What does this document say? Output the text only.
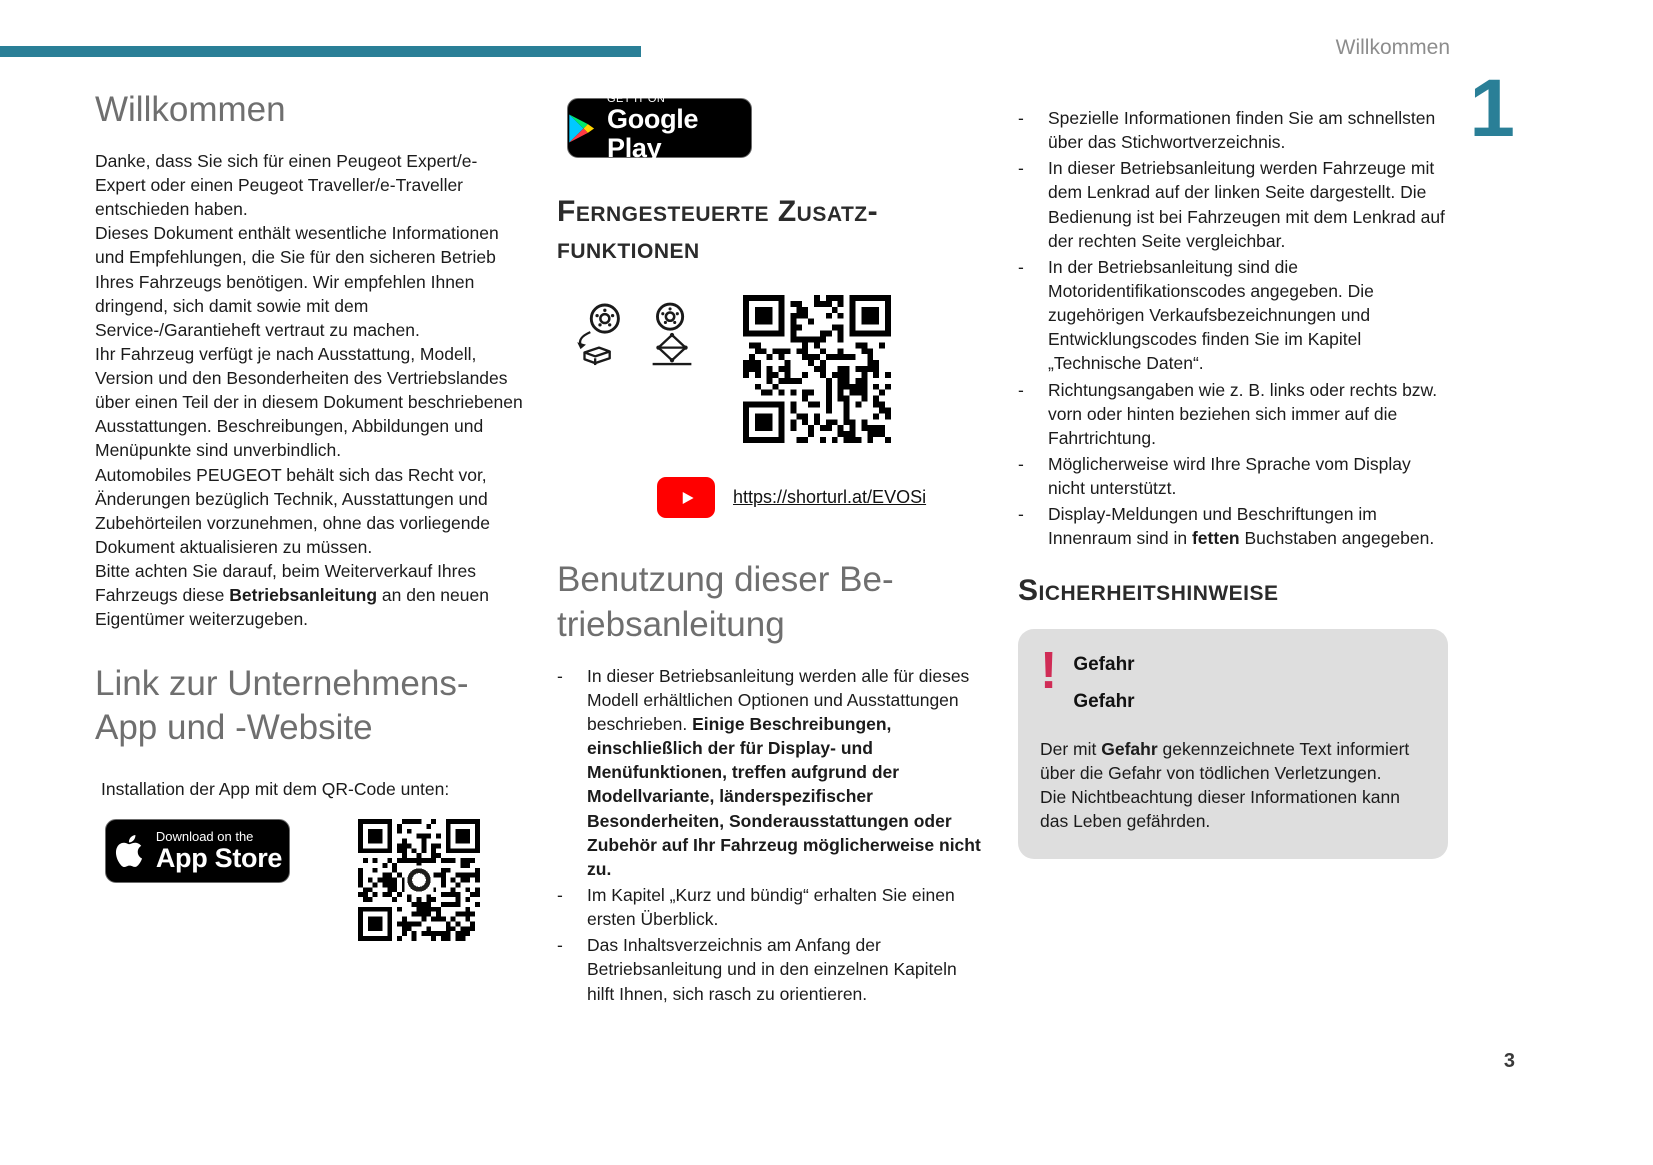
Willkommen
1
Willkommen
Danke, dass Sie sich für einen Peugeot Expert/e-Expert oder einen Peugeot Traveller/e-Traveller entschieden haben.
Dieses Dokument enthält wesentliche Informationen und Empfehlungen, die Sie für den sicheren Betrieb Ihres Fahrzeugs benötigen. Wir empfehlen Ihnen dringend, sich damit sowie mit dem Service-/Garantieheft vertraut zu machen.
Ihr Fahrzeug verfügt je nach Ausstattung, Modell, Version und den Besonderheiten des Vertriebslandes über einen Teil der in diesem Dokument beschriebenen Ausstattungen. Beschreibungen, Abbildungen und Menüpunkte sind unverbindlich.
Automobiles PEUGEOT behält sich das Recht vor, Änderungen bezüglich Technik, Ausstattungen und Zubehörteilen vorzunehmen, ohne das vorliegende Dokument aktualisieren zu müssen.
Bitte achten Sie darauf, beim Weiterverkauf Ihres Fahrzeugs diese Betriebsanleitung an den neuen Eigentümer weiterzugeben.
Link zur Unternehmens-
App und -Website
Installation der App mit dem QR-Code unten:
Download on the
App Store
GET IT ON
Google Play
Ferngesteuerte Zusatz-
funktionen
https://shorturl.at/EVOSi
Benutzung dieser Be-
triebsanleitung
-	In dieser Betriebsanleitung werden alle für dieses Modell erhältlichen Optionen und Ausstattungen beschrieben. Einige Beschreibungen, einschließlich der für Display- und Menüfunktionen, treffen aufgrund der Modellvariante, länderspezifischer Besonderheiten, Sonderausstattungen oder Zubehör auf Ihr Fahrzeug möglicherweise nicht zu.
-	Im Kapitel „Kurz und bündig“ erhalten Sie einen ersten Überblick.
-	Das Inhaltsverzeichnis am Anfang der Betriebsanleitung und in den einzelnen Kapiteln hilft Ihnen, sich rasch zu orientieren.
-	Spezielle Informationen finden Sie am schnellsten über das Stichwortverzeichnis.
-	In dieser Betriebsanleitung werden Fahrzeuge mit dem Lenkrad auf der linken Seite dargestellt. Die Bedienung ist bei Fahrzeugen mit dem Lenkrad auf der rechten Seite vergleichbar.
-	In der Betriebsanleitung sind die Motoridentifikationscodes angegeben. Die zugehörigen Verkaufsbezeichnungen und Entwicklungscodes finden Sie im Kapitel „Technische Daten“.
-	Richtungsangaben wie z. B. links oder rechts bzw. vorn oder hinten beziehen sich immer auf die Fahrtrichtung.
-	Möglicherweise wird Ihre Sprache vom Display nicht unterstützt.
-	Display-Meldungen und Beschriftungen im Innenraum sind in fetten Buchstaben angegeben.
Sicherheitshinweise
! Gefahr
Gefahr
Der mit Gefahr gekennzeichnete Text informiert über die Gefahr von tödlichen Verletzungen.
Die Nichtbeachtung dieser Informationen kann das Leben gefährden.
3
